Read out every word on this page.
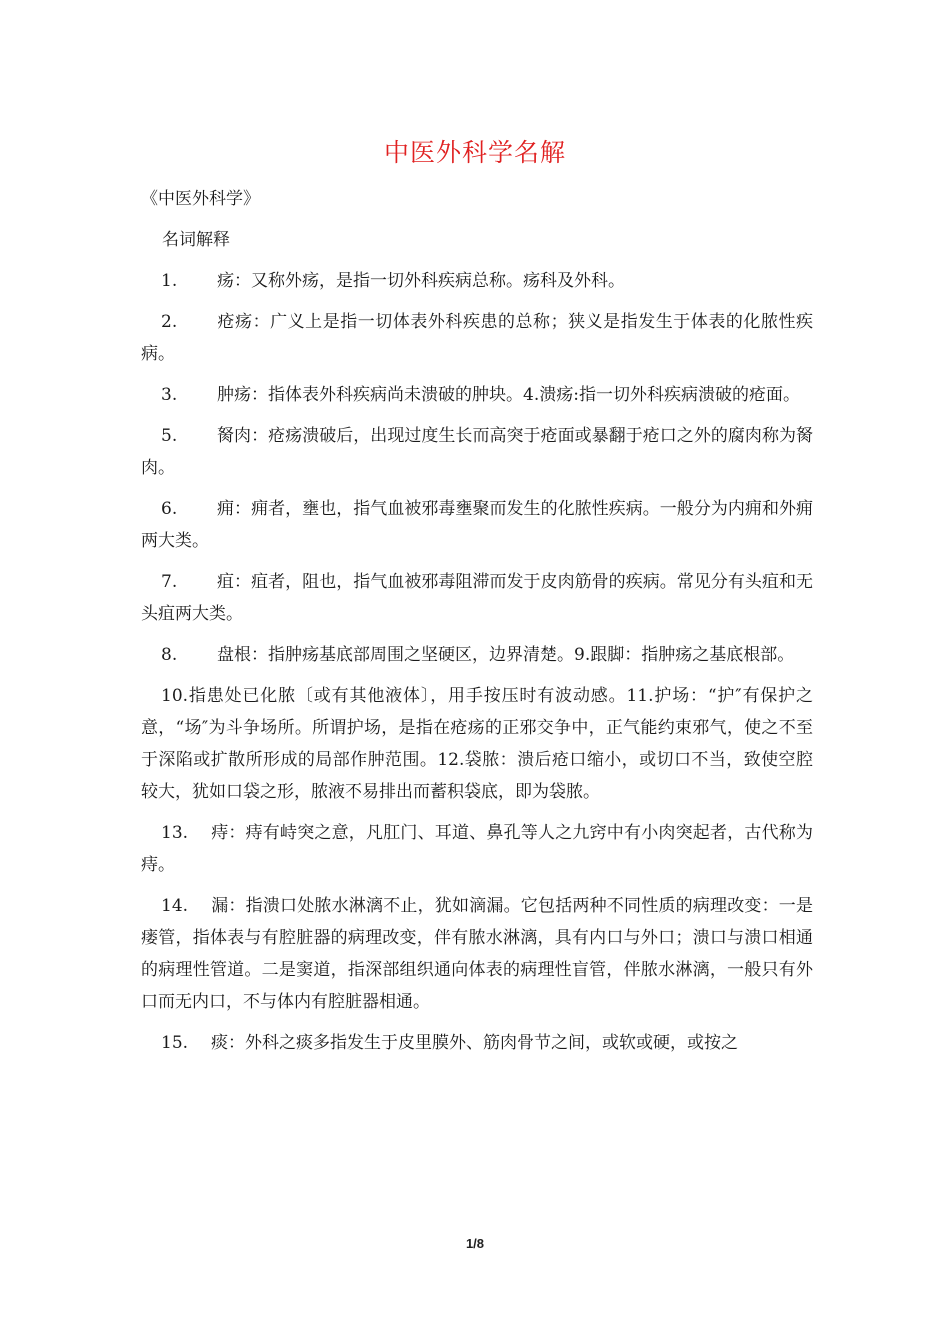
中医外科学名解
《中医外科学》
名词解释
1. 疡：又称外疡，是指一切外科疾病总称。疡科及外科。
2. 疮疡：广义上是指一切体表外科疾患的总称；狭义是指发生于体表的化脓性疾病。
3. 肿疡：指体表外科疾病尚未溃破的肿块。4.溃疡:指一切外科疾病溃破的疮面。
5. 胬肉：疮疡溃破后，出现过度生长而高突于疮面或暴翻于疮口之外的腐肉称为胬肉。
6. 痈：痈者，壅也，指气血被邪毒壅聚而发生的化脓性疾病。一般分为内痈和外痈两大类。
7. 疽：疽者，阻也，指气血被邪毒阻滞而发于皮肉筋骨的疾病。常见分有头疽和无头疽两大类。
8. 盘根：指肿疡基底部周围之坚硬区，边界清楚。9.跟脚：指肿疡之基底根部。
10.指患处已化脓〔或有其他液体〕，用手按压时有波动感。11.护场：“护″有保护之意，“场″为斗争场所。所谓护场，是指在疮疡的正邪交争中，正气能约束邪气，使之不至于深陷或扩散所形成的局部作肿范围。12.袋脓：溃后疮口缩小，或切口不当，致使空腔较大，犹如口袋之形，脓液不易排出而蓄积袋底，即为袋脓。
13. 痔：痔有峙突之意，凡肛门、耳道、鼻孔等人之九窍中有小肉突起者，古代称为痔。
14. 漏：指溃口处脓水淋漓不止，犹如滴漏。它包括两种不同性质的病理改变：一是瘘管，指体表与有腔脏器的病理改变，伴有脓水淋漓，具有内口与外口；溃口与溃口相通的病理性管道。二是窦道，指深部组织通向体表的病理性盲管，伴脓水淋漓，一般只有外口而无内口，不与体内有腔脏器相通。
15. 痰：外科之痰多指发生于皮里膜外、筋肉骨节之间，或软或硬，或按之
1/8
